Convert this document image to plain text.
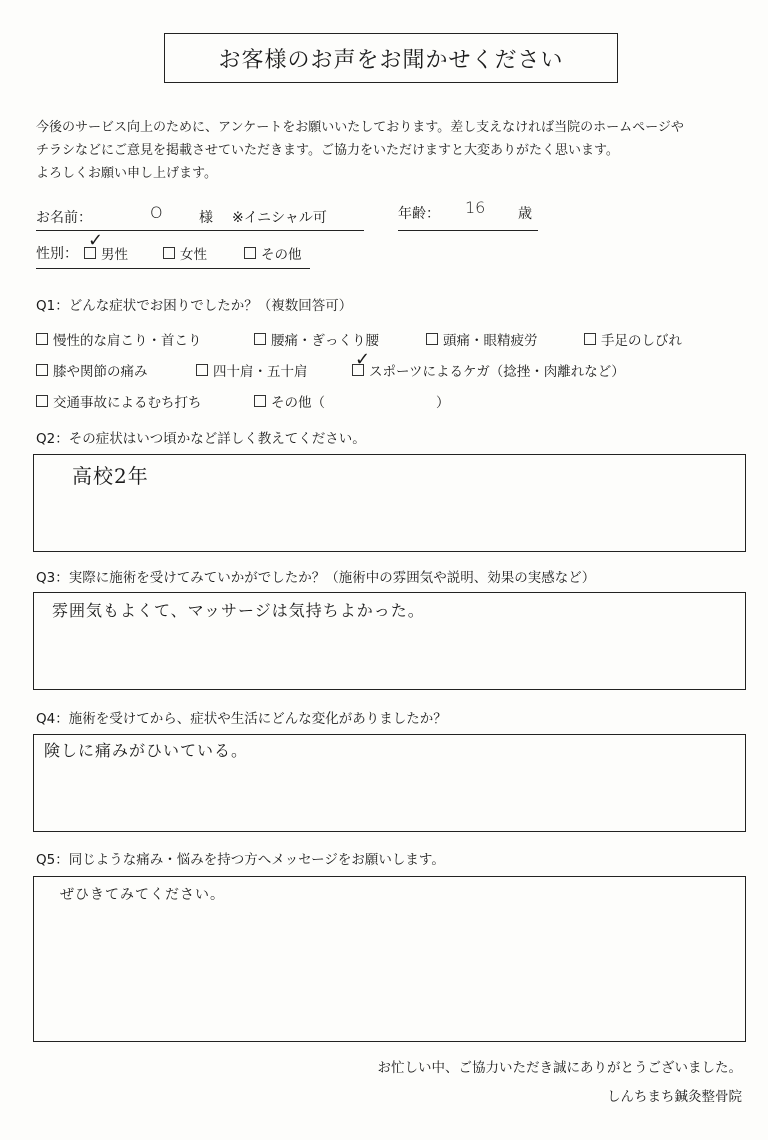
お客様のお声をお聞かせください
今後のサービス向上のために、アンケートをお願いいたしております。差し支えなければ当院のホームページや
チラシなどにご意見を掲載させていただきます。ご協力をいただけますと大変ありがたく思います。
よろしくお願い申し上げます。
お名前：	O	様 ※イニシャル可	年齢： 16 歳
性別：	男性
✓
女性	その他
Q1：どんな症状でお困りでしたか？（複数回答可）
慢性的な肩こり・首こり	腰痛・ぎっくり腰	頭痛・眼精疲労	手足のしびれ
膝や関節の痛み	四十肩・五十肩	スポーツによるケガ（捻挫・肉離れなど）
✓
交通事故によるむち打ち	その他（	）
Q2：その症状はいつ頃かなど詳しく教えてください。
高校2年
Q3：実際に施術を受けてみていかがでしたか？（施術中の雰囲気や説明、効果の実感など）
雰囲気もよくて、マッサージは気持ちよかった。
Q4：施術を受けてから、症状や生活にどんな変化がありましたか？
険しに痛みがひいている。
Q5：同じような痛み・悩みを持つ方へメッセージをお願いします。
ぜひきてみてください。
お忙しい中、ご協力いただき誠にありがとうございました。
しんちまち鍼灸整骨院
